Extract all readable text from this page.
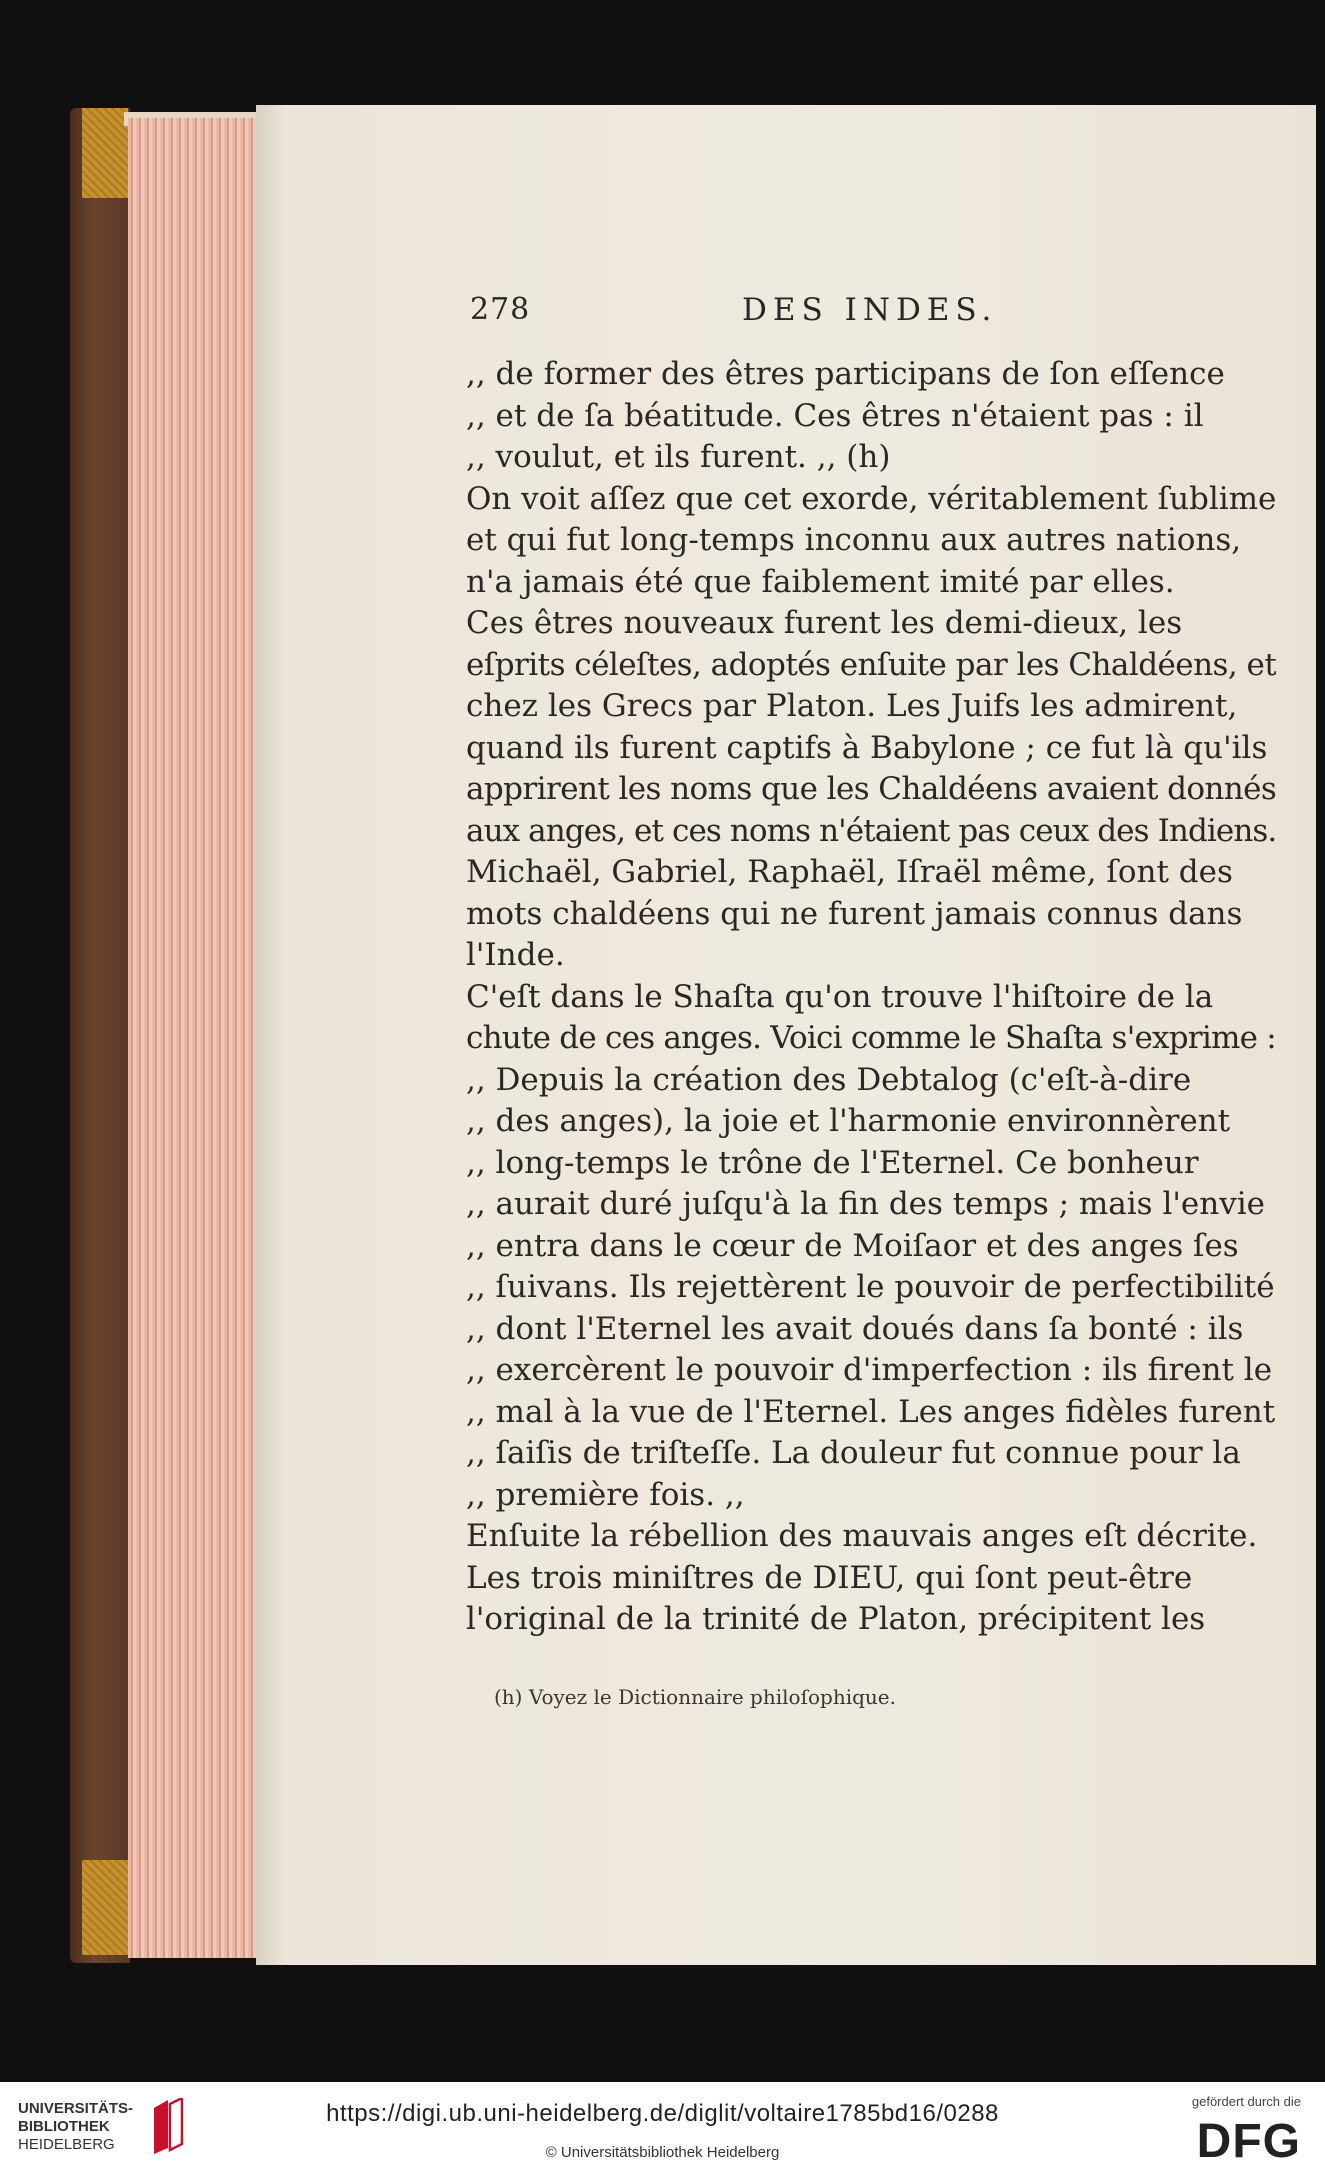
278	DES INDES.
,, de former des êtres participans de ſon eſſence
,, et de ſa béatitude. Ces êtres n'étaient pas : il
,, voulut, et ils furent. ,, (h)
On voit aſſez que cet exorde, véritablement ſublime
et qui fut long-temps inconnu aux autres nations,
n'a jamais été que faiblement imité par elles.
Ces êtres nouveaux furent les demi-dieux, les
eſprits céleſtes, adoptés enſuite par les Chaldéens, et
chez les Grecs par Platon. Les Juifs les admirent,
quand ils furent captifs à Babylone ; ce fut là qu'ils
apprirent les noms que les Chaldéens avaient donnés
aux anges, et ces noms n'étaient pas ceux des Indiens.
Michaël, Gabriel, Raphaël, Iſraël même, ſont des
mots chaldéens qui ne furent jamais connus dans
l'Inde.
C'eſt dans le Shaſta qu'on trouve l'hiſtoire de la
chute de ces anges. Voici comme le Shaſta s'exprime :
,, Depuis la création des Debtalog (c'eſt-à-dire
,, des anges), la joie et l'harmonie environnèrent
,, long-temps le trône de l'Eternel. Ce bonheur
,, aurait duré juſqu'à la fin des temps ; mais l'envie
,, entra dans le cœur de Moiſaor et des anges ſes
,, ſuivans. Ils rejettèrent le pouvoir de perfectibilité
,, dont l'Eternel les avait doués dans ſa bonté : ils
,, exercèrent le pouvoir d'imperfection : ils firent le
,, mal à la vue de l'Eternel. Les anges fidèles furent
,, ſaiſis de triſteſſe. La douleur fut connue pour la
,, première fois. ,,
Enſuite la rébellion des mauvais anges eſt décrite.
Les trois miniſtres de DIEU, qui ſont peut-être
l'original de la trinité de Platon, précipitent les
(h) Voyez le Dictionnaire philoſophique.
UNIVERSITÄTS-
BIBLIOTHEK
HEIDELBERG
https://digi.ub.uni-heidelberg.de/diglit/voltaire1785bd16/0288
© Universitätsbibliothek Heidelberg
gefördert durch die
DFG
